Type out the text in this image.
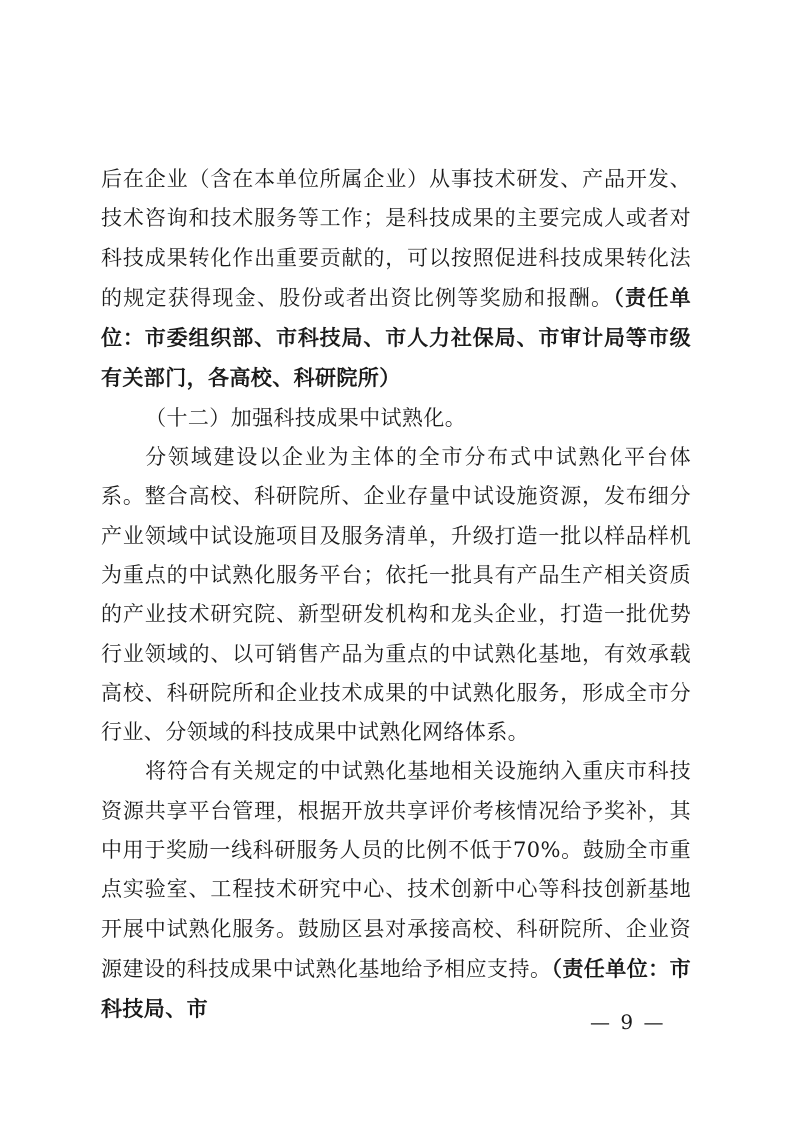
后在企业（含在本单位所属企业）从事技术研发、产品开发、技术咨询和技术服务等工作；是科技成果的主要完成人或者对科技成果转化作出重要贡献的，可以按照促进科技成果转化法的规定获得现金、股份或者出资比例等奖励和报酬。（责任单位：市委组织部、市科技局、市人力社保局、市审计局等市级有关部门，各高校、科研院所）

（十二）加强科技成果中试熟化。

分领域建设以企业为主体的全市分布式中试熟化平台体系。整合高校、科研院所、企业存量中试设施资源，发布细分产业领域中试设施项目及服务清单，升级打造一批以样品样机为重点的中试熟化服务平台；依托一批具有产品生产相关资质的产业技术研究院、新型研发机构和龙头企业，打造一批优势行业领域的、以可销售产品为重点的中试熟化基地，有效承载高校、科研院所和企业技术成果的中试熟化服务，形成全市分行业、分领域的科技成果中试熟化网络体系。

将符合有关规定的中试熟化基地相关设施纳入重庆市科技资源共享平台管理，根据开放共享评价考核情况给予奖补，其中用于奖励一线科研服务人员的比例不低于70%。鼓励全市重点实验室、工程技术研究中心、技术创新中心等科技创新基地开展中试熟化服务。鼓励区县对承接高校、科研院所、企业资源建设的科技成果中试熟化基地给予相应支持。（责任单位：市科技局、市

— 9 —
